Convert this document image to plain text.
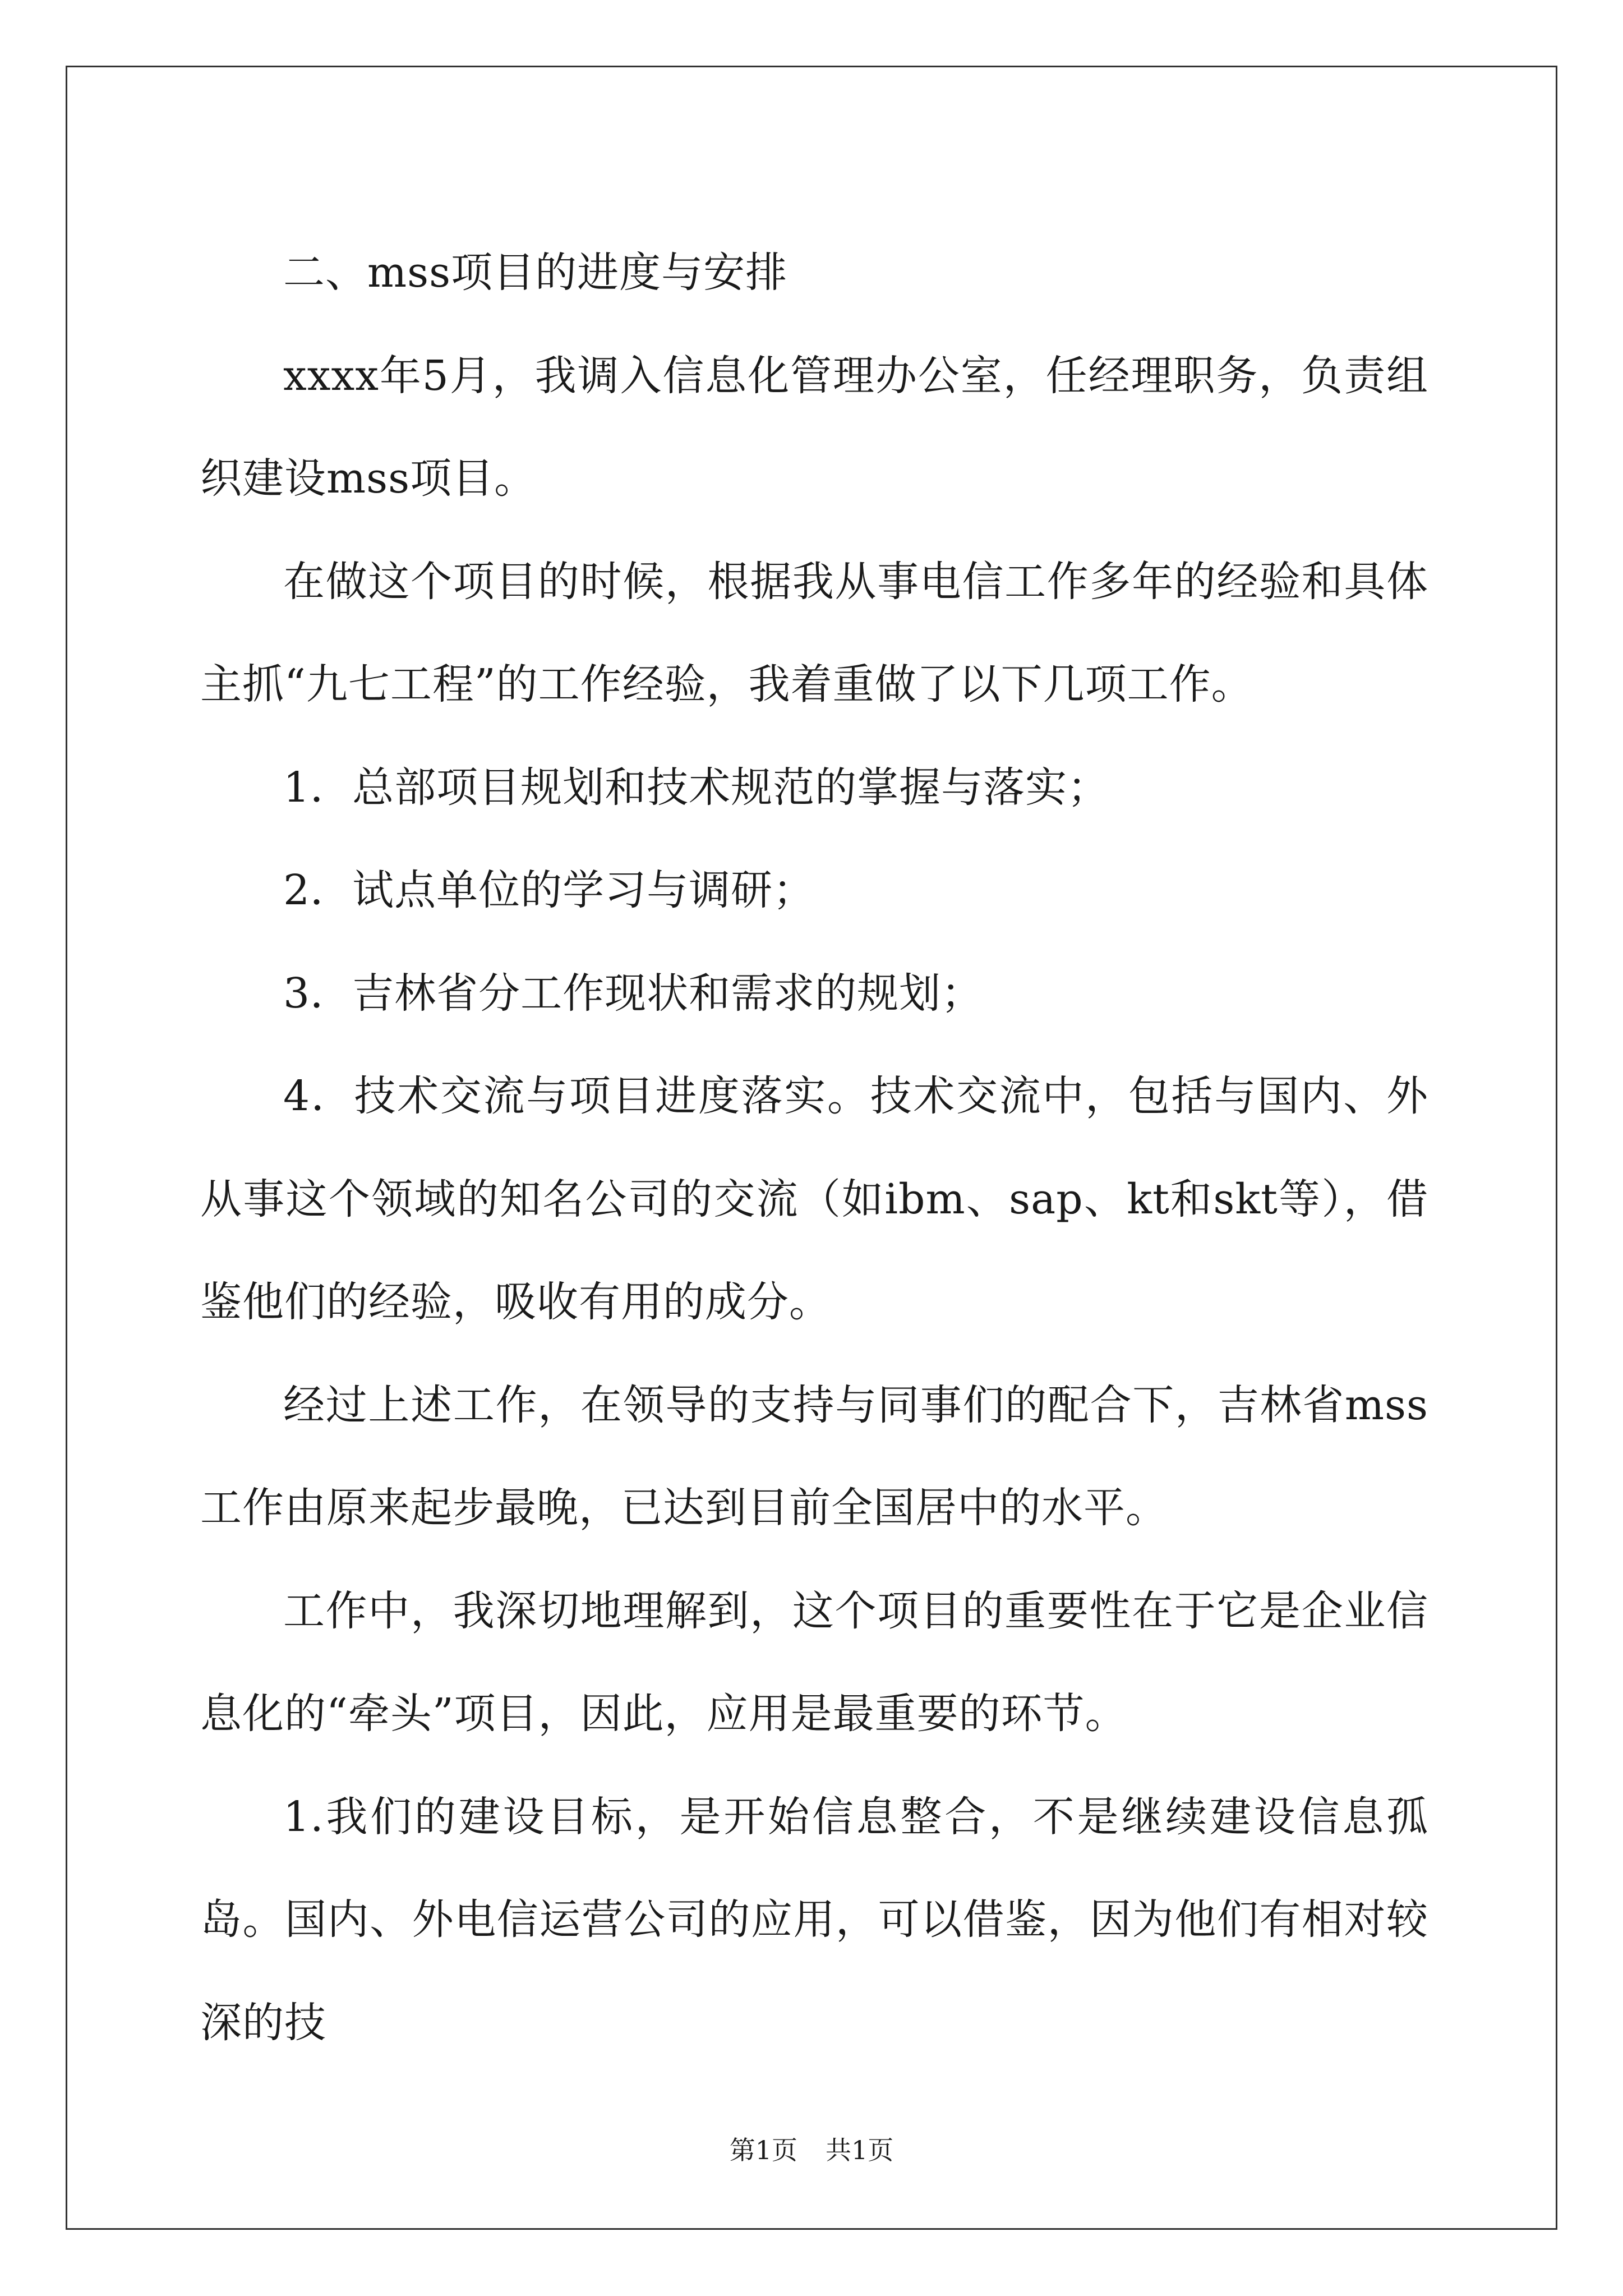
二、mss项目的进度与安排

xxxx年5月，我调入信息化管理办公室，任经理职务，负责组织建设mss项目。

在做这个项目的时候，根据我从事电信工作多年的经验和具体主抓“九七工程”的工作经验，我着重做了以下几项工作。

1．总部项目规划和技术规范的掌握与落实；

2．试点单位的学习与调研；

3．吉林省分工作现状和需求的规划；

4．技术交流与项目进度落实。技术交流中，包括与国内、外从事这个领域的知名公司的交流（如ibm、sap、kt和skt等），借鉴他们的经验，吸收有用的成分。

经过上述工作，在领导的支持与同事们的配合下，吉林省mss工作由原来起步最晚，已达到目前全国居中的水平。

工作中，我深切地理解到，这个项目的重要性在于它是企业信息化的“牵头”项目，因此，应用是最重要的环节。

1.我们的建设目标，是开始信息整合，不是继续建设信息孤岛。国内、外电信运营公司的应用，可以借鉴，因为他们有相对较深的技

第1页 共1页
